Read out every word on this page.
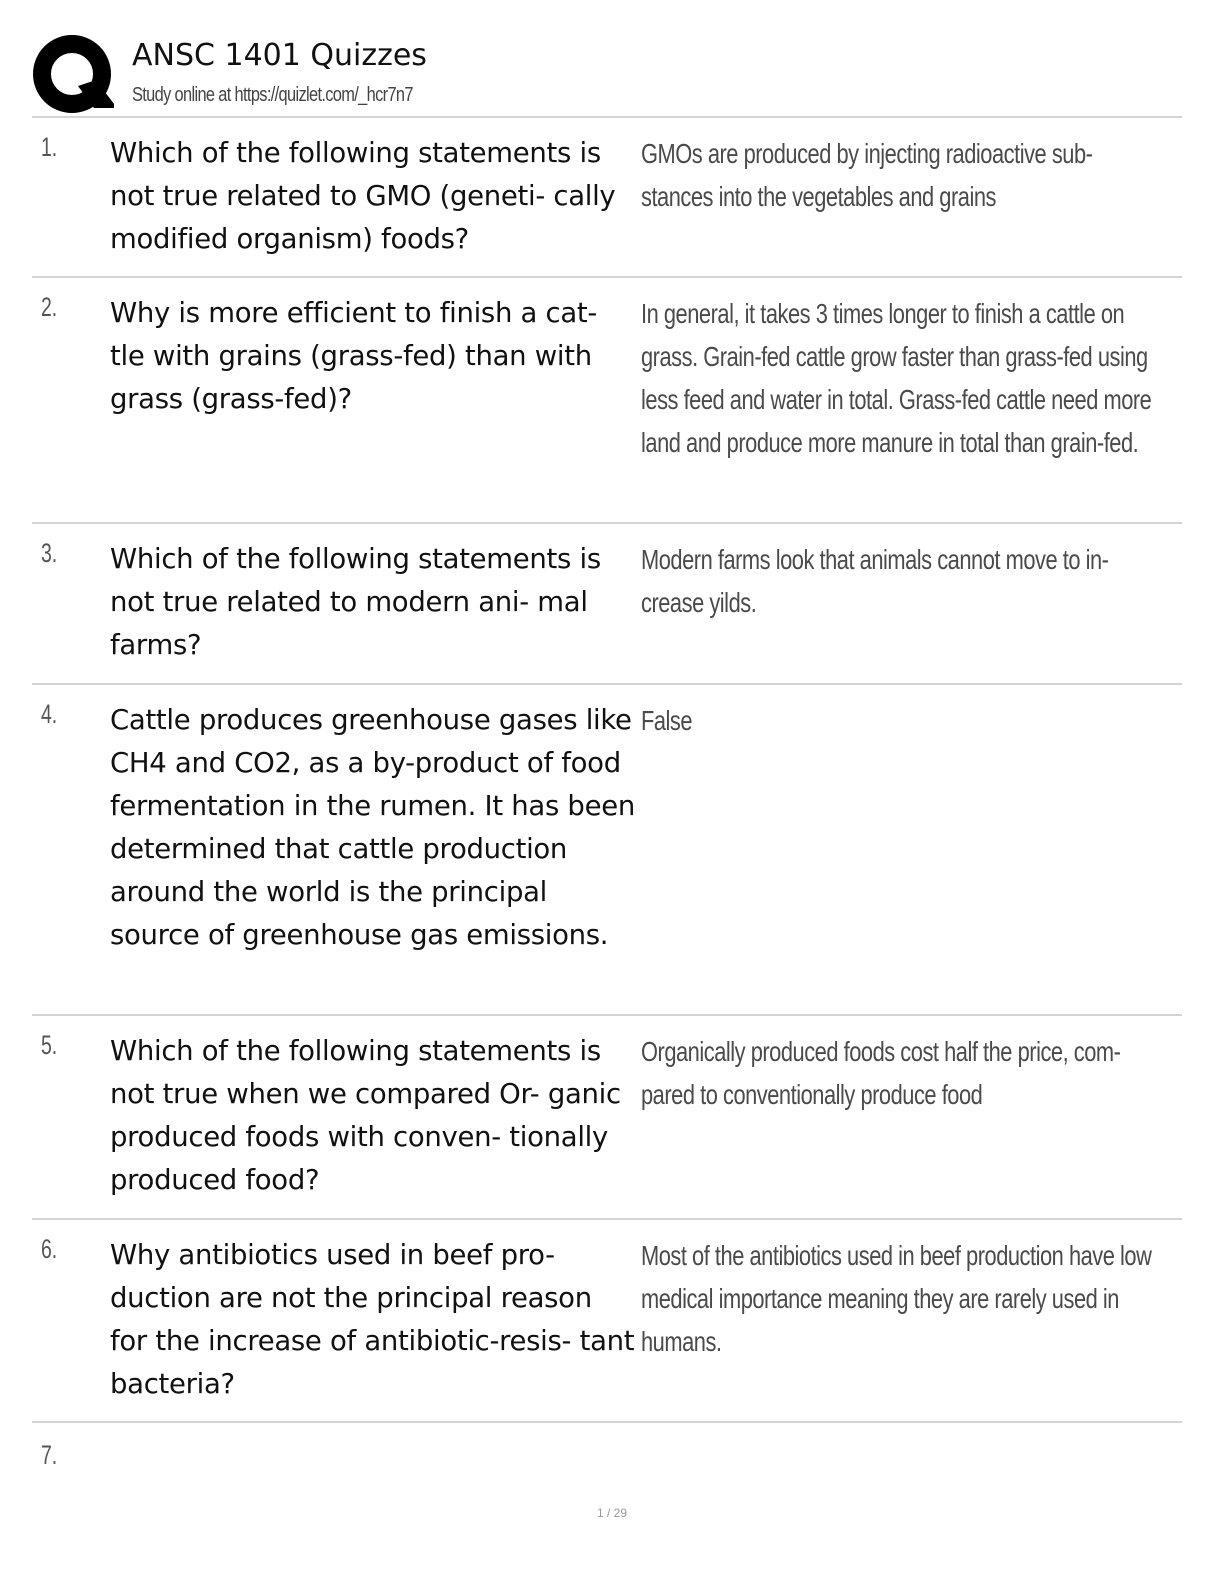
ANSC 1401 Quizzes
Study online at https://quizlet.com/_hcr7n7
1. Which of the following statements is not true related to GMO (geneti- cally modified organism) foods?

GMOs are produced by injecting radioactive sub- stances into the vegetables and grains

2. Why is more efficient to finish a cat- tle with grains (grass-fed) than with grass (grass-fed)?

In general, it takes 3 times longer to finish a cattle on grass. Grain-fed cattle grow faster than grass-fed using less feed and water in total. Grass-fed cattle need more land and produce more manure in total than grain-fed.

3. Which of the following statements is not true related to modern ani- mal farms?

Modern farms look that animals cannot move to in- crease yilds.

4. Cattle produces greenhouse gases like CH4 and CO2, as a by-product of food fermentation in the rumen. It has been determined that cattle production around the world is the principal source of greenhouse gas emissions.

False

5. Which of the following statements is not true when we compared Or- ganic produced foods with conven- tionally produced food?

Organically produced foods cost half the price, com- pared to conventionally produce food

6. Why antibiotics used in beef pro- duction are not the principal reason for the increase of antibiotic-resis- tant bacteria?

Most of the antibiotics used in beef production have low medical importance meaning they are rarely used in humans.

7.

1 / 29
